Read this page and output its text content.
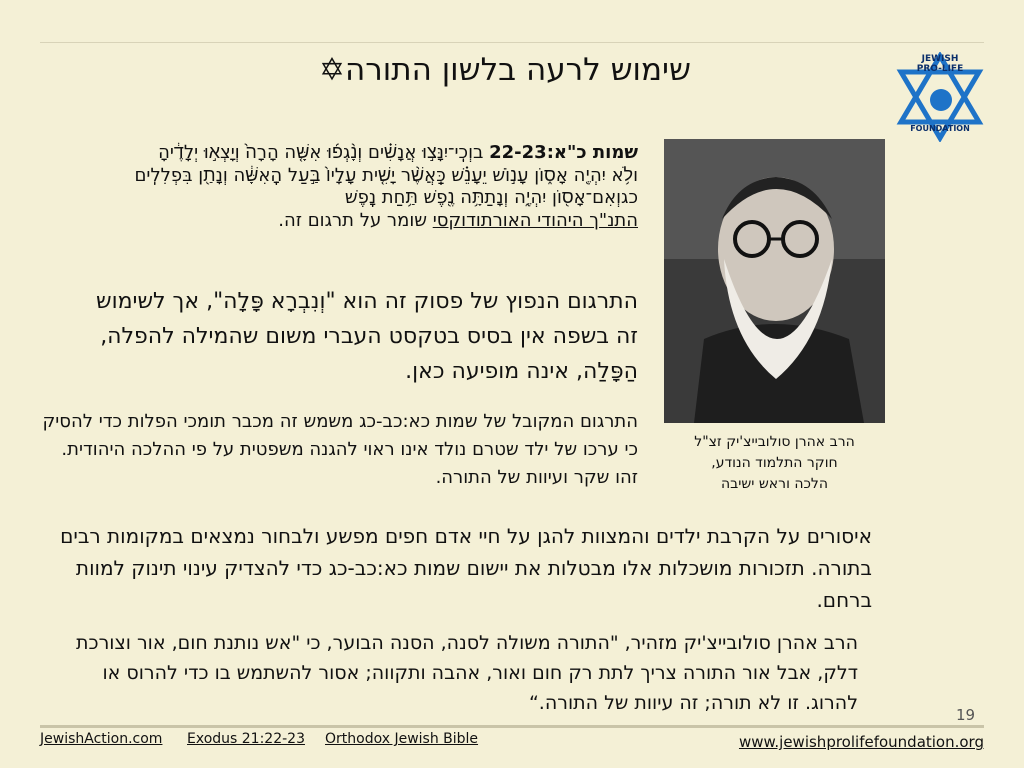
שימוש לרעה בלשון התורה✡	JEWISH
PRO-LIFE
FOUNDATION
שמות כ"א:22-23 בוְכִֽי־יִנָּצ֣וּ אֲנָשִׁ֗ים וְנָ֨גְפ֜וּ אִשָּׁ֤ה הָרָה֙ וְיָצְא֣וּ יְלָדֶ֔יהָ
ולֹ֥א יִהְיֶ֖ה אָס֑וֹן עָנ֣וֹשׁ יֵעָנֵ֗שׁ כַּֽאֲשֶׁ֨ר יָשִׁ֤ית עָלָיו֙ בַּ֣עַל הָֽאִשָּׁ֔ה וְנָתַ֖ן בִּפְלִלִֽים
כגוְאִם־אָס֖וֹן יִהְיֶ֑ה וְנָתַתָּ֥ה נֶ֖פֶשׁ תַּ֥חַת נָֽפֶשׁ
התנ"ך היהודי האורתודוקסי שומר על תרגום זה.
התרגום הנפוץ של פסוק זה הוא "וְנִבְרָא פָּלָה", אך לשימוש זה בשפה אין בסיס בטקסט העברי משום שהמילה להפלה, הַפָּלַה, אינה מופיעה כאן.
התרגום המקובל של שמות כא:כב-כג משמש זה מכבר תומכי הפלות כדי להסיק כי ערכו של ילד שטרם נולד אינו ראוי להגנה משפטית על פי ההלכה היהודית. זהו שקר ועיוות של התורה.
הרב אהרן סולובייצ'יק זצ"ל
חוקר התלמוד הנודע,
הלכה וראש ישיבה
איסורים על הקרבת ילדים והמצוות להגן על חיי אדם חפים מפשע ולבחור נמצאים במקומות רבים בתורה. תזכורות מושכלות אלו מבטלות את יישום שמות כא:כב-כג כדי להצדיק עינוי תינוק למוות ברחם.
הרב אהרן סולובייצ'יק מזהיר, "התורה משולה לסנה, הסנה הבוער, כי "אש נותנת חום, אור וצורכת דלק, אבל אור התורה צריך לתת רק חום ואור, אהבה ותקווה; אסור להשתמש בו כדי להרוס או להרוג. זו לא תורה; זה עיוות של התורה.“
19
JewishAction.com Exodus 21:22-23 Orthodox Jewish Bible	www.jewishprolifefoundation.org
